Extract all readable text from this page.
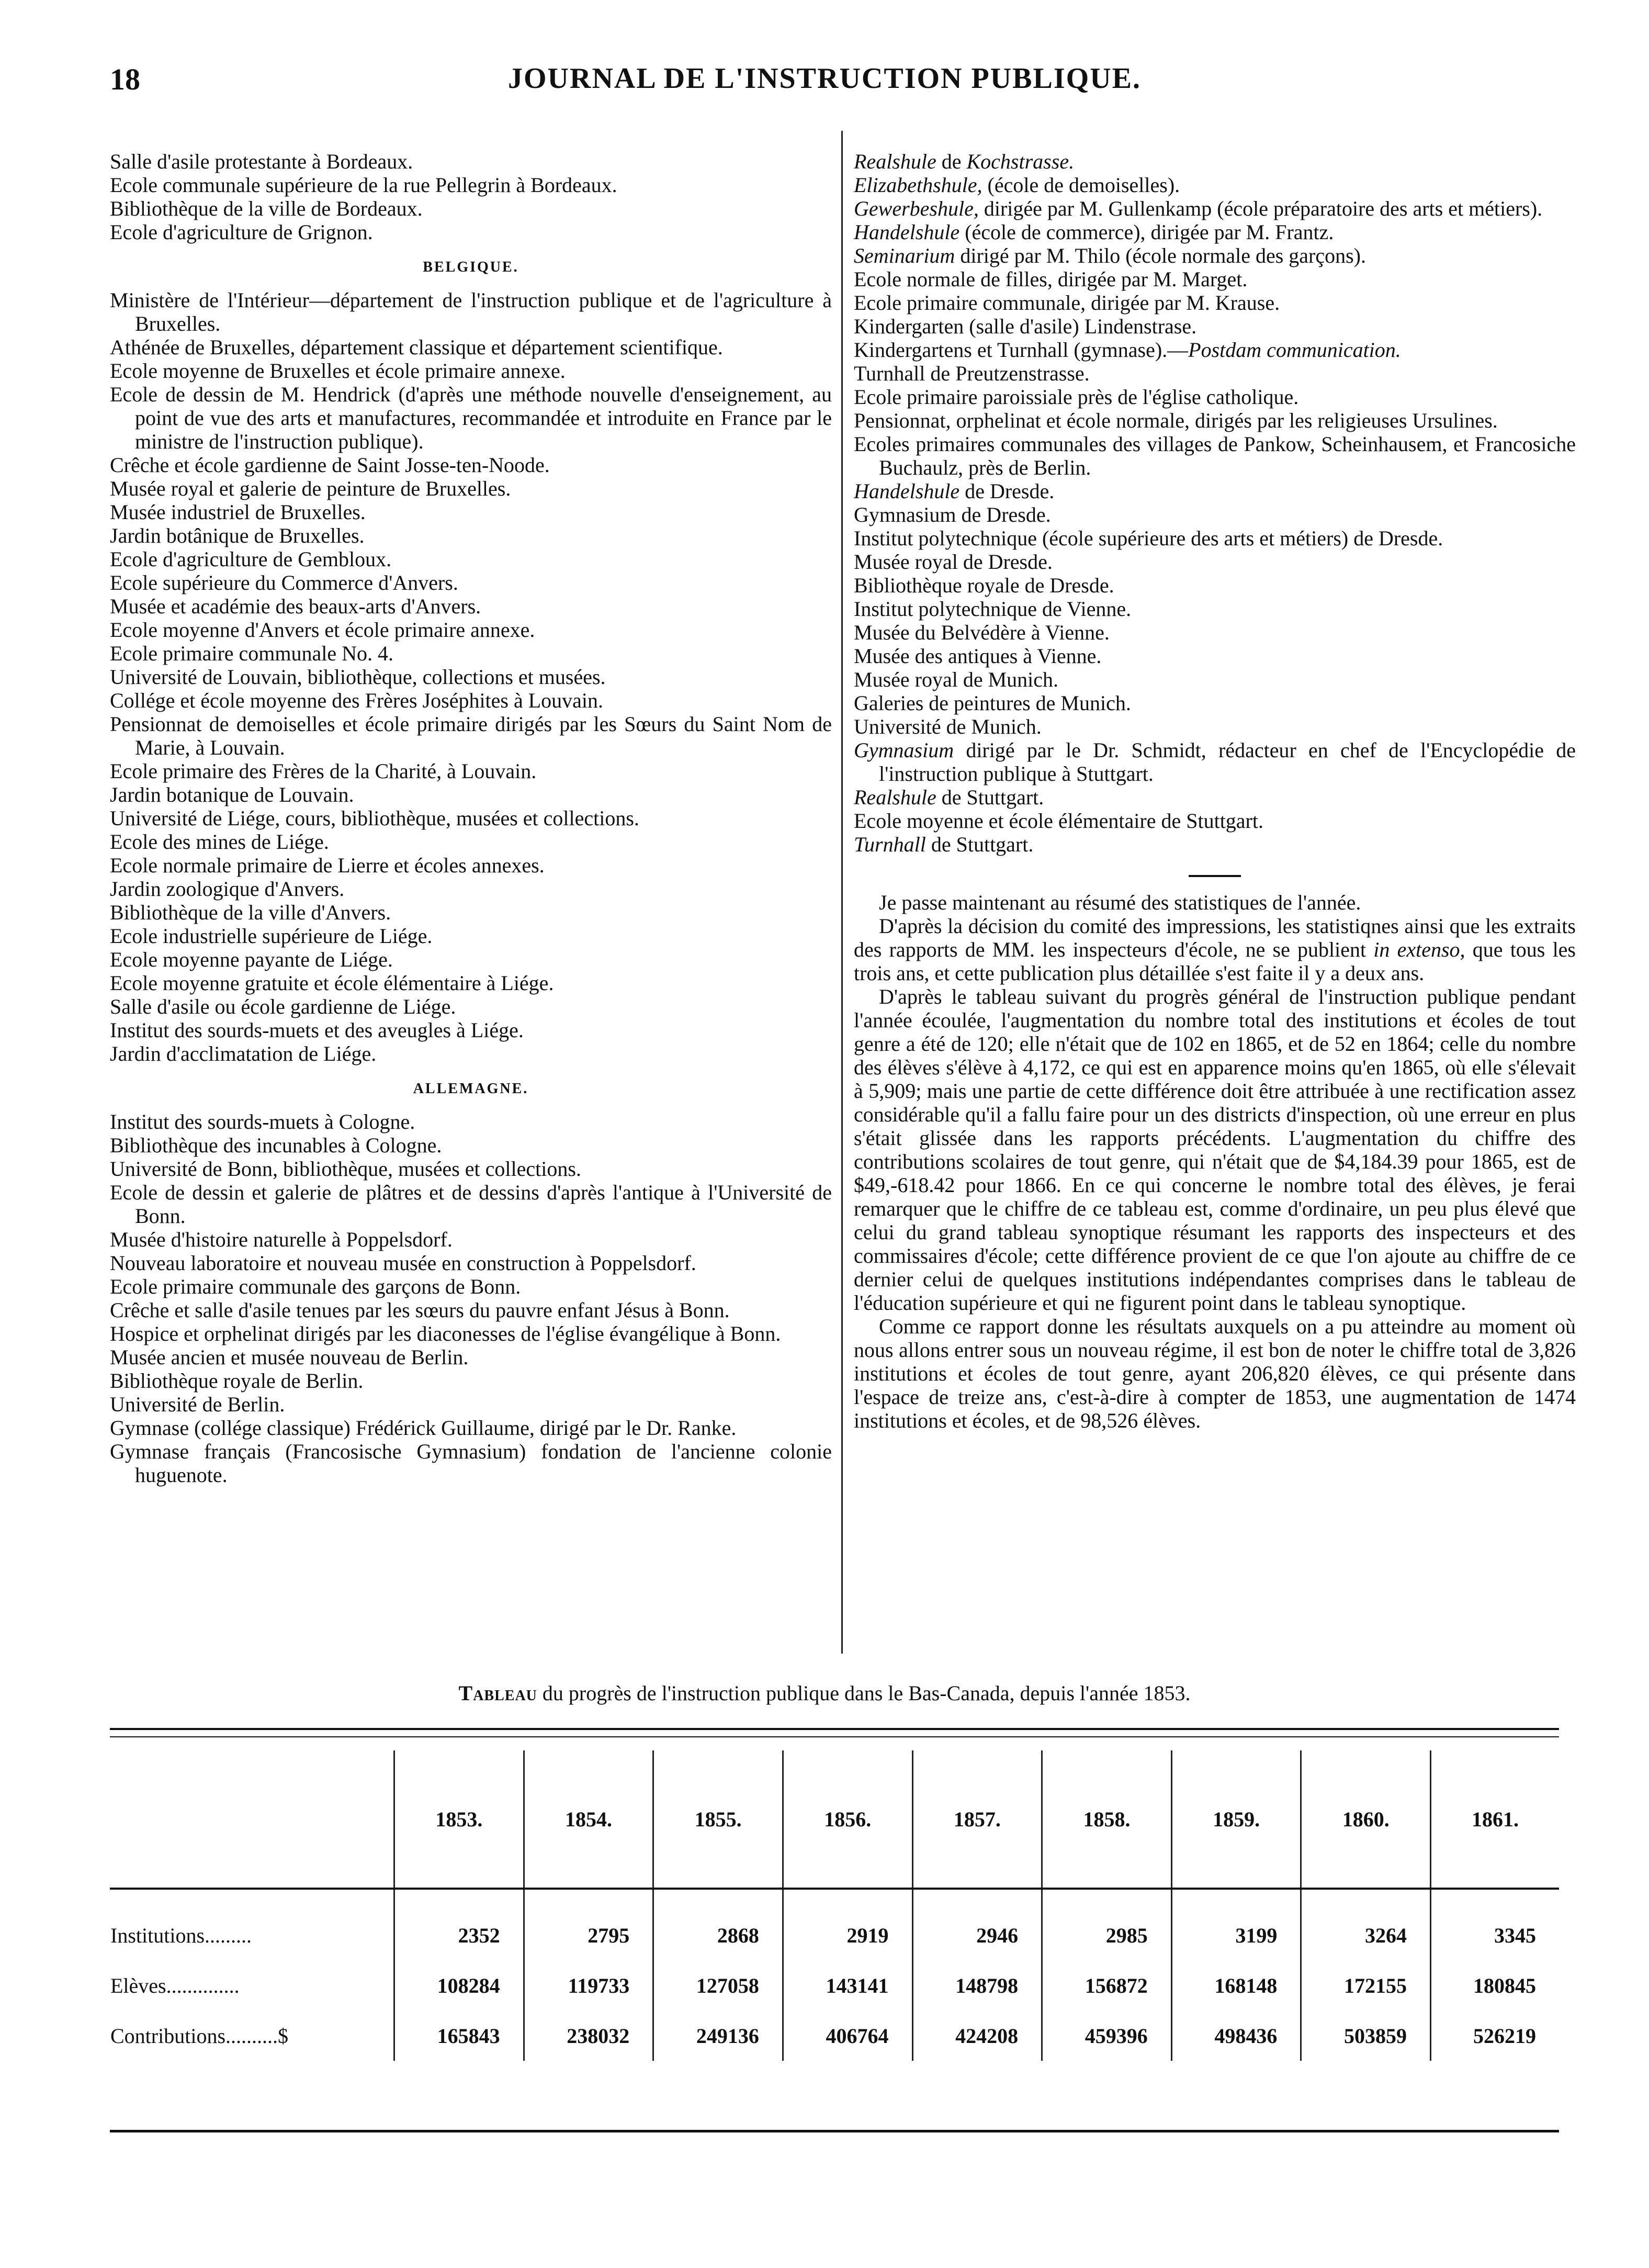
18	JOURNAL DE L'INSTRUCTION PUBLIQUE.
Salle d'asile protestante à Bordeaux.
Ecole communale supérieure de la rue Pellegrin à Bordeaux.
Bibliothèque de la ville de Bordeaux.
Ecole d'agriculture de Grignon.
BELGIQUE.
Ministère de l'Intérieur—département de l'instruction publique et de l'agriculture à Bruxelles.
Athénée de Bruxelles, département classique et département scientifique.
Ecole moyenne de Bruxelles et école primaire annexe.
Ecole de dessin de M. Hendrick (d'après une méthode nouvelle d'enseignement, au point de vue des arts et manufactures, recommandée et introduite en France par le ministre de l'instruction publique).
Crêche et école gardienne de Saint Josse-ten-Noode.
Musée royal et galerie de peinture de Bruxelles.
Musée industriel de Bruxelles.
Jardin botânique de Bruxelles.
Ecole d'agriculture de Gembloux.
Ecole supérieure du Commerce d'Anvers.
Musée et académie des beaux-arts d'Anvers.
Ecole moyenne d'Anvers et école primaire annexe.
Ecole primaire communale No. 4.
Université de Louvain, bibliothèque, collections et musées.
Collége et école moyenne des Frères Joséphites à Louvain.
Pensionnat de demoiselles et école primaire dirigés par les Sœurs du Saint Nom de Marie, à Louvain.
Ecole primaire des Frères de la Charité, à Louvain.
Jardin botanique de Louvain.
Université de Liége, cours, bibliothèque, musées et collections.
Ecole des mines de Liége.
Ecole normale primaire de Lierre et écoles annexes.
Jardin zoologique d'Anvers.
Bibliothèque de la ville d'Anvers.
Ecole industrielle supérieure de Liége.
Ecole moyenne payante de Liége.
Ecole moyenne gratuite et école élémentaire à Liége.
Salle d'asile ou école gardienne de Liége.
Institut des sourds-muets et des aveugles à Liége.
Jardin d'acclimatation de Liége.
ALLEMAGNE.
Institut des sourds-muets à Cologne.
Bibliothèque des incunables à Cologne.
Université de Bonn, bibliothèque, musées et collections.
Ecole de dessin et galerie de plâtres et de dessins d'après l'antique à l'Université de Bonn.
Musée d'histoire naturelle à Poppelsdorf.
Nouveau laboratoire et nouveau musée en construction à Poppelsdorf.
Ecole primaire communale des garçons de Bonn.
Crêche et salle d'asile tenues par les sœurs du pauvre enfant Jésus à Bonn.
Hospice et orphelinat dirigés par les diaconesses de l'église évangélique à Bonn.
Musée ancien et musée nouveau de Berlin.
Bibliothèque royale de Berlin.
Université de Berlin.
Gymnase (collége classique) Frédérick Guillaume, dirigé par le Dr. Ranke.
Gymnase français (Francosische Gymnasium) fondation de l'ancienne colonie huguenote.
Realshule de Kochstrasse.
Elizabethshule, (école de demoiselles).
Gewerbeshule, dirigée par M. Gullenkamp (école préparatoire des arts et métiers).
Handelshule (école de commerce), dirigée par M. Frantz.
Seminarium dirigé par M. Thilo (école normale des garçons).
Ecole normale de filles, dirigée par M. Marget.
Ecole primaire communale, dirigée par M. Krause.
Kindergarten (salle d'asile) Lindenstrase.
Kindergartens et Turnhall (gymnase).—Postdam communication.
Turnhall de Preutzenstrasse.
Ecole primaire paroissiale près de l'église catholique.
Pensionnat, orphelinat et école normale, dirigés par les religieuses Ursulines.
Ecoles primaires communales des villages de Pankow, Scheinhausem, et Francosiche Buchaulz, près de Berlin.
Handelshule de Dresde.
Gymnasium de Dresde.
Institut polytechnique (école supérieure des arts et métiers) de Dresde.
Musée royal de Dresde.
Bibliothèque royale de Dresde.
Institut polytechnique de Vienne.
Musée du Belvédère à Vienne.
Musée des antiques à Vienne.
Musée royal de Munich.
Galeries de peintures de Munich.
Université de Munich.
Gymnasium dirigé par le Dr. Schmidt, rédacteur en chef de l'Encyclopédie de l'instruction publique à Stuttgart.
Realshule de Stuttgart.
Ecole moyenne et école élémentaire de Stuttgart.
Turnhall de Stuttgart.
Je passe maintenant au résumé des statistiques de l'année.
D'après la décision du comité des impressions, les statistiqnes ainsi que les extraits des rapports de MM. les inspecteurs d'école, ne se publient in extenso, que tous les trois ans, et cette publication plus détaillée s'est faite il y a deux ans.
D'après le tableau suivant du progrès général de l'instruction publique pendant l'année écoulée, l'augmentation du nombre total des institutions et écoles de tout genre a été de 120; elle n'était que de 102 en 1865, et de 52 en 1864; celle du nombre des élèves s'élève à 4,172, ce qui est en apparence moins qu'en 1865, où elle s'élevait à 5,909; mais une partie de cette différence doit être attribuée à une rectification assez considérable qu'il a fallu faire pour un des districts d'inspection, où une erreur en plus s'était glissée dans les rapports précédents. L'augmentation du chiffre des contributions scolaires de tout genre, qui n'était que de $4,184.39 pour 1865, est de $49,-618.42 pour 1866. En ce qui concerne le nombre total des élèves, je ferai remarquer que le chiffre de ce tableau est, comme d'ordinaire, un peu plus élevé que celui du grand tableau synoptique résumant les rapports des inspecteurs et des commissaires d'école; cette différence provient de ce que l'on ajoute au chiffre de ce dernier celui de quelques institutions indépendantes comprises dans le tableau de l'éducation supérieure et qui ne figurent point dans le tableau synoptique.
Comme ce rapport donne les résultats auxquels on a pu atteindre au moment où nous allons entrer sous un nouveau régime, il est bon de noter le chiffre total de 3,826 institutions et écoles de tout genre, ayant 206,820 élèves, ce qui présente dans l'espace de treize ans, c'est-à-dire à compter de 1853, une augmentation de 1474 institutions et écoles, et de 98,526 élèves.
Tableau du progrès de l'instruction publique dans le Bas-Canada, depuis l'année 1853.
	1853.	1854.	1855.	1856.	1857.	1858.	1859.	1860.	1861.
Institutions.........	2352	2795	2868	2919	2946	2985	3199	3264	3345
Elèves..............	108284	119733	127058	143141	148798	156872	168148	172155	180845
Contributions..........$	165843	238032	249136	406764	424208	459396	498436	503859	526219
